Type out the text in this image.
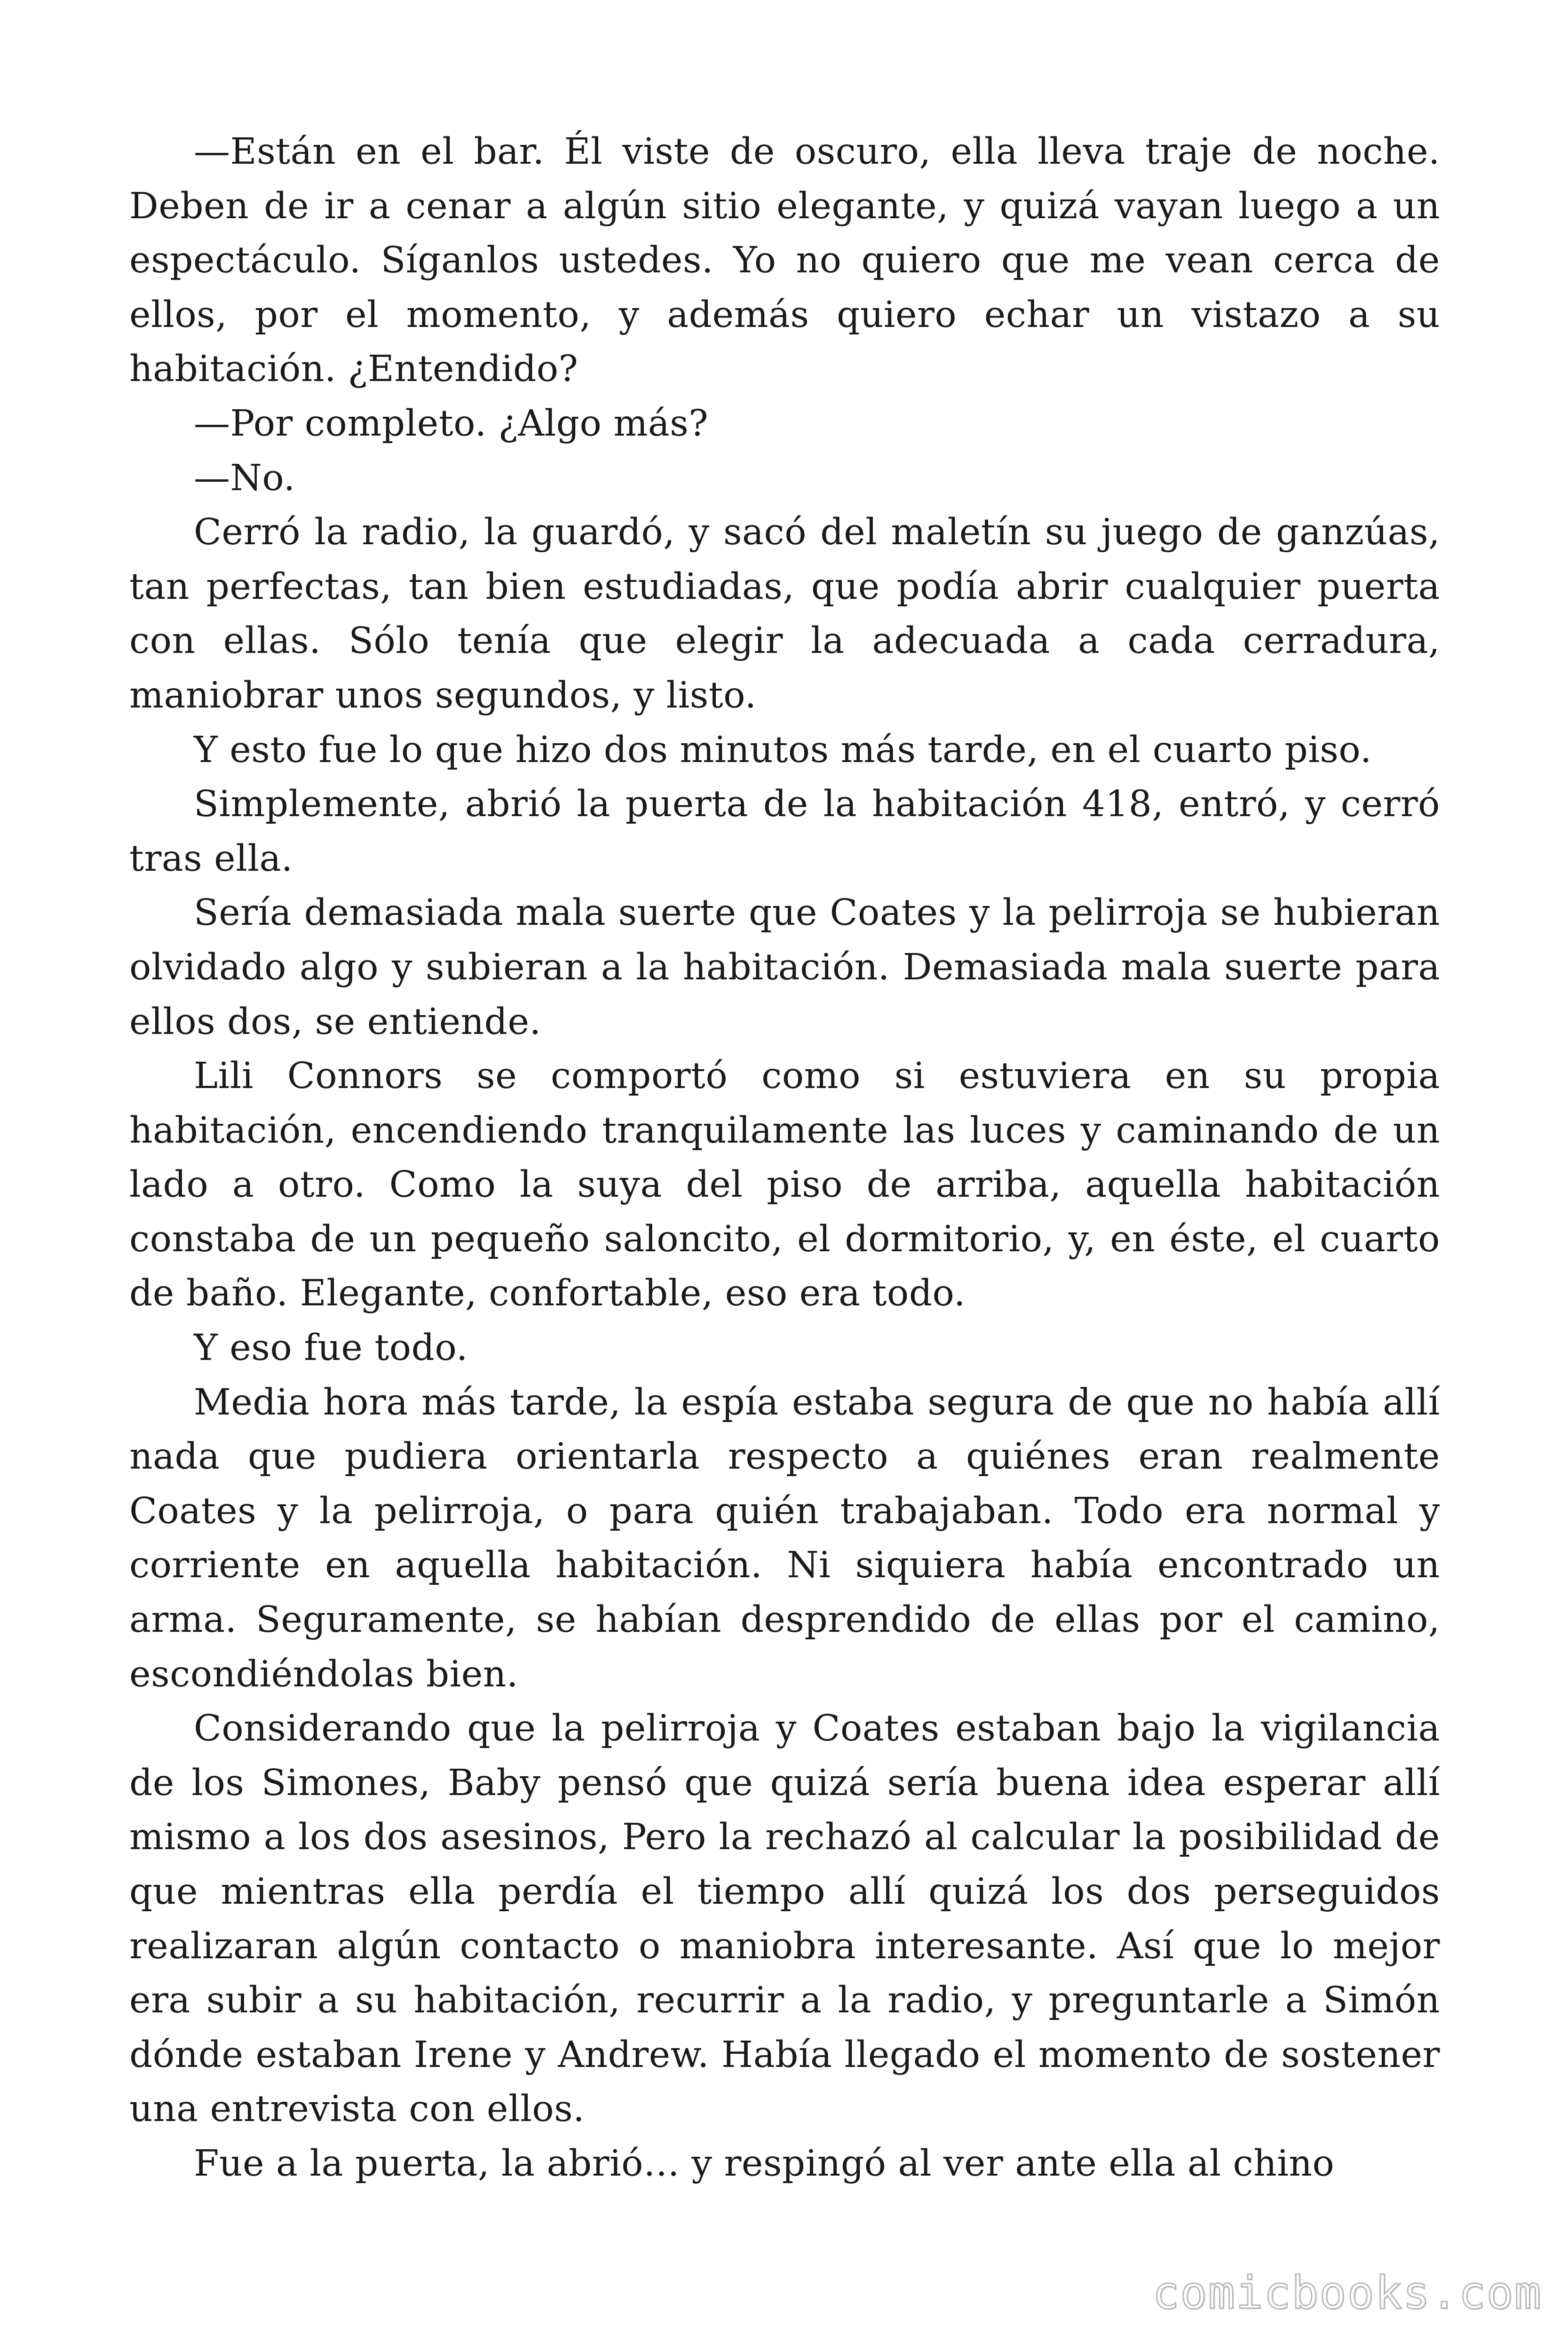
—Están en el bar. Él viste de oscuro, ella lleva traje de noche. Deben de ir a cenar a algún sitio elegante, y quizá vayan luego a un espectáculo. Síganlos ustedes. Yo no quiero que me vean cerca de ellos, por el momento, y además quiero echar un vistazo a su habitación. ¿Entendido?

—Por completo. ¿Algo más?

—No.

Cerró la radio, la guardó, y sacó del maletín su juego de ganzúas, tan perfectas, tan bien estudiadas, que podía abrir cualquier puerta con ellas. Sólo tenía que elegir la adecuada a cada cerradura, maniobrar unos segundos, y listo.

Y esto fue lo que hizo dos minutos más tarde, en el cuarto piso.

Simplemente, abrió la puerta de la habitación 418, entró, y cerró tras ella.

Sería demasiada mala suerte que Coates y la pelirroja se hubieran olvidado algo y subieran a la habitación. Demasiada mala suerte para ellos dos, se entiende.

Lili Connors se comportó como si estuviera en su propia habitación, encendiendo tranquilamente las luces y caminando de un lado a otro. Como la suya del piso de arriba, aquella habitación constaba de un pequeño saloncito, el dormitorio, y, en éste, el cuarto de baño. Elegante, confortable, eso era todo.

Y eso fue todo.

Media hora más tarde, la espía estaba segura de que no había allí nada que pudiera orientarla respecto a quiénes eran realmente Coates y la pelirroja, o para quién trabajaban. Todo era normal y corriente en aquella habitación. Ni siquiera había encontrado un arma. Seguramente, se habían desprendido de ellas por el camino, escondiéndolas bien.

Considerando que la pelirroja y Coates estaban bajo la vigilancia de los Simones, Baby pensó que quizá sería buena idea esperar allí mismo a los dos asesinos, Pero la rechazó al calcular la posibilidad de que mientras ella perdía el tiempo allí quizá los dos perseguidos realizaran algún contacto o maniobra interesante. Así que lo mejor era subir a su habitación, recurrir a la radio, y preguntarle a Simón dónde estaban Irene y Andrew. Había llegado el momento de sostener una entrevista con ellos.

Fue a la puerta, la abrió… y respingó al ver ante ella al chino

comicbooks.com
